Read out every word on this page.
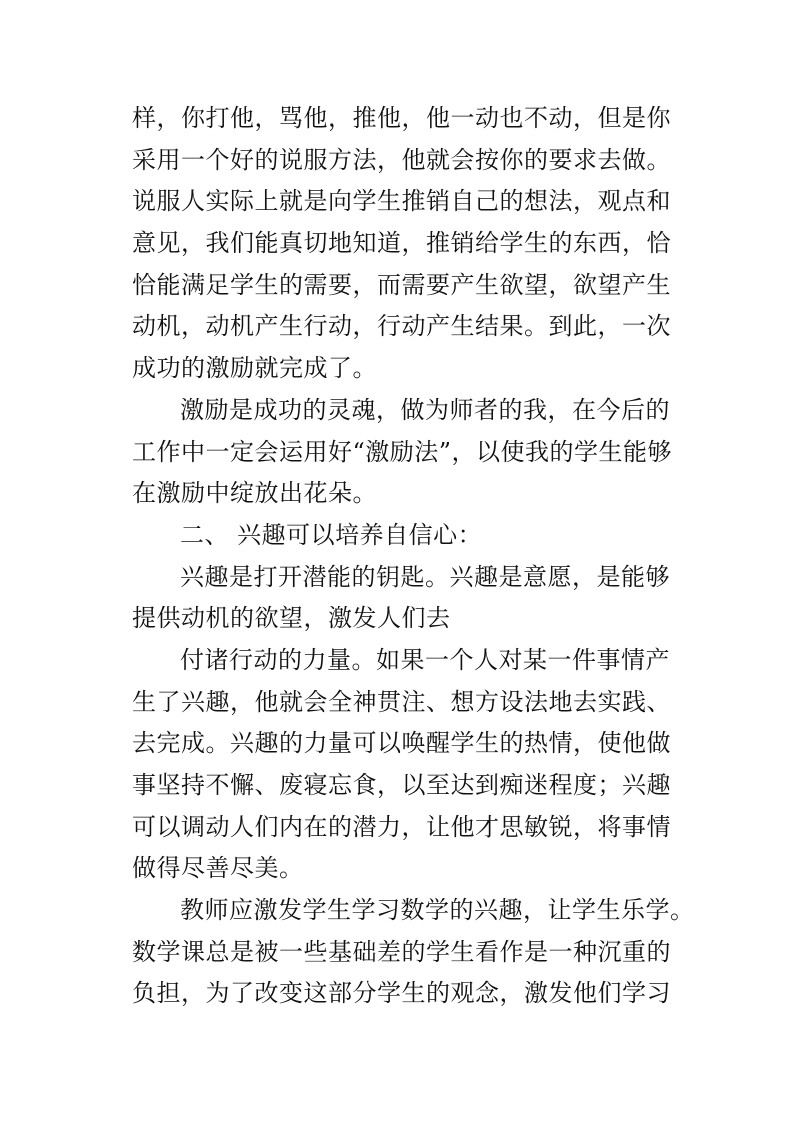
样，你打他，骂他，推他，他一动也不动，但是你
采用一个好的说服方法，他就会按你的要求去做。
说服人实际上就是向学生推销自己的想法，观点和
意见，我们能真切地知道，推销给学生的东西，恰
恰能满足学生的需要，而需要产生欲望，欲望产生
动机，动机产生行动，行动产生结果。到此，一次
成功的激励就完成了。
激励是成功的灵魂，做为师者的我，在今后的
工作中一定会运用好“激励法”，以使我的学生能够
在激励中绽放出花朵。
二、 兴趣可以培养自信心：
兴趣是打开潜能的钥匙。兴趣是意愿，是能够
提供动机的欲望，激发人们去
付诸行动的力量。如果一个人对某一件事情产
生了兴趣，他就会全神贯注、想方设法地去实践、
去完成。兴趣的力量可以唤醒学生的热情，使他做
事坚持不懈、废寝忘食，以至达到痴迷程度；兴趣
可以调动人们内在的潜力，让他才思敏锐，将事情
做得尽善尽美。
教师应激发学生学习数学的兴趣，让学生乐学。
数学课总是被一些基础差的学生看作是一种沉重的
负担，为了改变这部分学生的观念，激发他们学习
